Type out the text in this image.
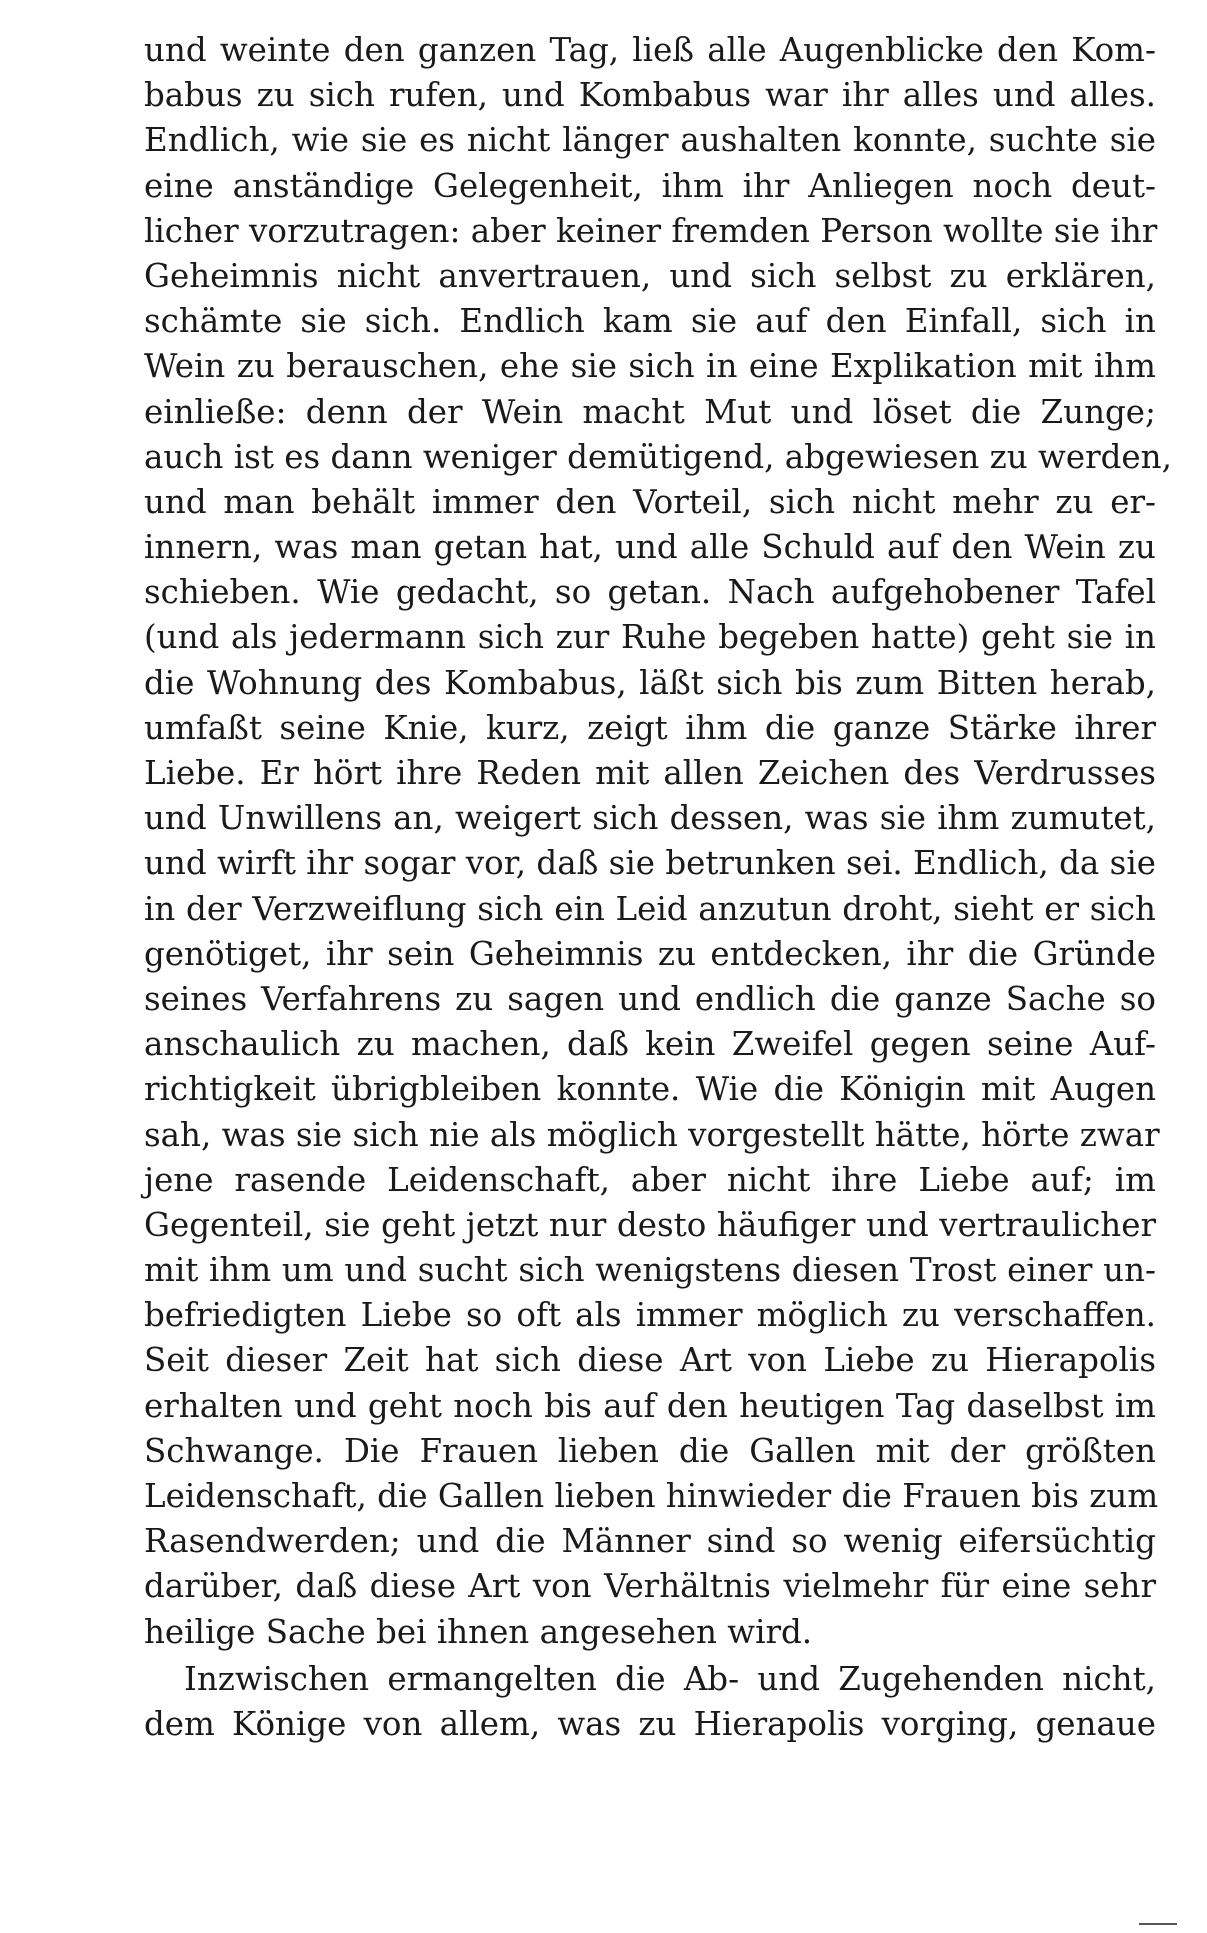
und weinte den ganzen Tag, ließ alle Augenblicke den Kom-
babus zu sich rufen, und Kombabus war ihr alles und alles.
Endlich, wie sie es nicht länger aushalten konnte, suchte sie
eine anständige Gelegenheit, ihm ihr Anliegen noch deut-
licher vorzutragen: aber keiner fremden Person wollte sie ihr
Geheimnis nicht anvertrauen, und sich selbst zu erklären,
schämte sie sich. Endlich kam sie auf den Einfall, sich in
Wein zu berauschen, ehe sie sich in eine Explikation mit ihm
einließe: denn der Wein macht Mut und löset die Zunge;
auch ist es dann weniger demütigend, abgewiesen zu werden,
und man behält immer den Vorteil, sich nicht mehr zu er-
innern, was man getan hat, und alle Schuld auf den Wein zu
schieben. Wie gedacht, so getan. Nach aufgehobener Tafel
(und als jedermann sich zur Ruhe begeben hatte) geht sie in
die Wohnung des Kombabus, läßt sich bis zum Bitten herab,
umfaßt seine Knie, kurz, zeigt ihm die ganze Stärke ihrer
Liebe. Er hört ihre Reden mit allen Zeichen des Verdrusses
und Unwillens an, weigert sich dessen, was sie ihm zumutet,
und wirft ihr sogar vor, daß sie betrunken sei. Endlich, da sie
in der Verzweiflung sich ein Leid anzutun droht, sieht er sich
genötiget, ihr sein Geheimnis zu entdecken, ihr die Gründe
seines Verfahrens zu sagen und endlich die ganze Sache so
anschaulich zu machen, daß kein Zweifel gegen seine Auf-
richtigkeit übrigbleiben konnte. Wie die Königin mit Augen
sah, was sie sich nie als möglich vorgestellt hätte, hörte zwar
jene rasende Leidenschaft, aber nicht ihre Liebe auf; im
Gegenteil, sie geht jetzt nur desto häufiger und vertraulicher
mit ihm um und sucht sich wenigstens diesen Trost einer un-
befriedigten Liebe so oft als immer möglich zu verschaffen.
Seit dieser Zeit hat sich diese Art von Liebe zu Hierapolis
erhalten und geht noch bis auf den heutigen Tag daselbst im
Schwange. Die Frauen lieben die Gallen mit der größten
Leidenschaft, die Gallen lieben hinwieder die Frauen bis zum
Rasendwerden; und die Männer sind so wenig eifersüchtig
darüber, daß diese Art von Verhältnis vielmehr für eine sehr
heilige Sache bei ihnen angesehen wird.
Inzwischen ermangelten die Ab- und Zugehenden nicht,
dem Könige von allem, was zu Hierapolis vorging, genaue
